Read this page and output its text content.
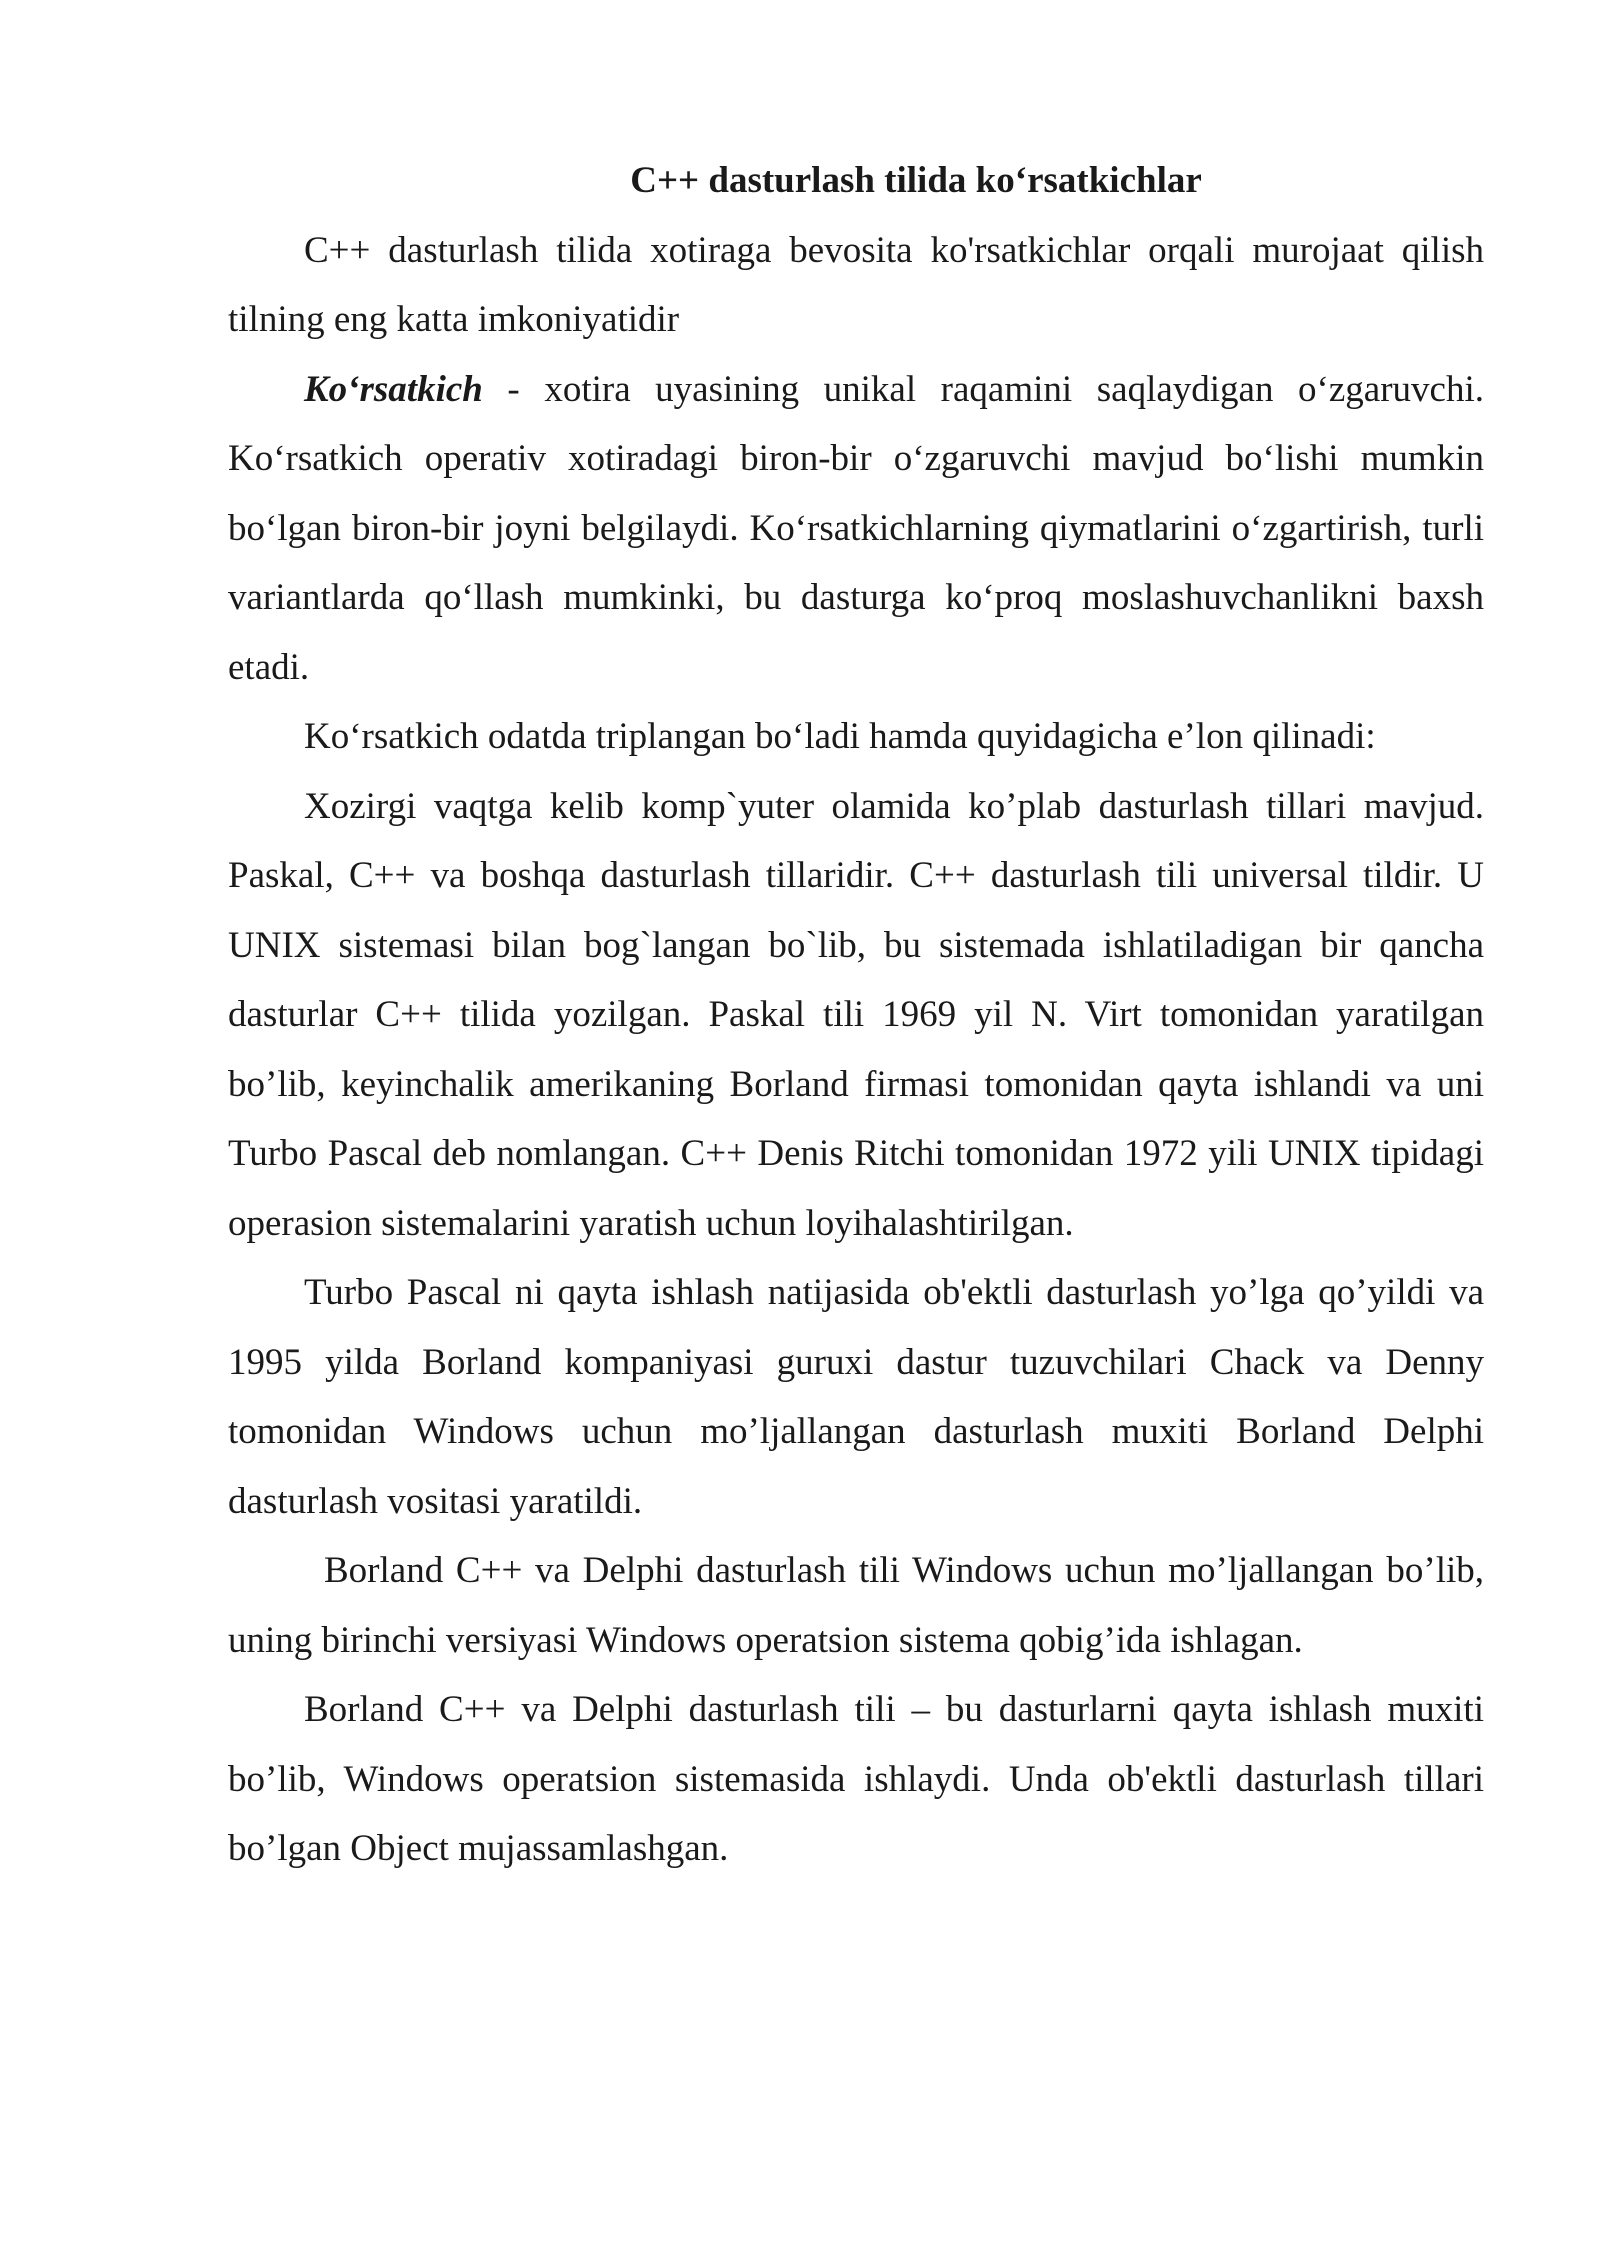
C++ dasturlash tilida ko‘rsatkichlar

C++ dasturlash tilida xotiraga bevosita ko'rsatkichlar orqali murojaat qilish tilning eng katta imkoniyatidir

Ko‘rsatkich - xotira uyasining unikal raqamini saqlaydigan o‘zgaruvchi. Ko‘rsatkich operativ xotiradagi biron-bir o‘zgaruvchi mavjud bo‘lishi mumkin bo‘lgan biron-bir joyni belgilaydi. Ko‘rsatkichlarning qiymatlarini o‘zgartirish, turli variantlarda qo‘llash mumkinki, bu dasturga ko‘proq moslashuvchanlikni baxsh etadi.

Ko‘rsatkich odatda triplangan bo‘ladi hamda quyidagicha e’lon qilinadi:

Xozirgi vaqtga kelib komp`yuter olamida ko’plab dasturlash tillari mavjud. Paskal, C++ va boshqa dasturlash tillaridir. C++ dasturlash tili universal tildir. U UNIX sistemasi bilan bog`langan bo`lib, bu sistemada ishlatiladigan bir qancha dasturlar C++ tilida yozilgan. Paskal tili 1969 yil N. Virt tomonidan yaratilgan bo’lib, keyinchalik amerikaning Borland firmasi tomonidan qayta ishlandi va uni Turbo Pascal deb nomlangan. C++ Denis Ritchi tomonidan 1972 yili UNIX tipidagi operasion sistemalarini yaratish uchun loyihalashtirilgan.

Turbo Pascal ni qayta ishlash natijasida ob'ektli dasturlash yo’lga qo’yildi va 1995 yilda Borland kompaniyasi guruxi dastur tuzuvchilari Chack va Denny tomonidan Windows uchun mo’ljallangan dasturlash muxiti Borland Delphi dasturlash vositasi yaratildi.

Borland C++ va Delphi dasturlash tili Windows uchun mo’ljallangan bo’lib, uning birinchi versiyasi Windows operatsion sistema qobig’ida ishlagan.

Borland C++ va Delphi dasturlash tili – bu dasturlarni qayta ishlash muxiti bo’lib, Windows operatsion sistemasida ishlaydi. Unda ob'ektli dasturlash tillari bo’lgan Object mujassamlashgan.
